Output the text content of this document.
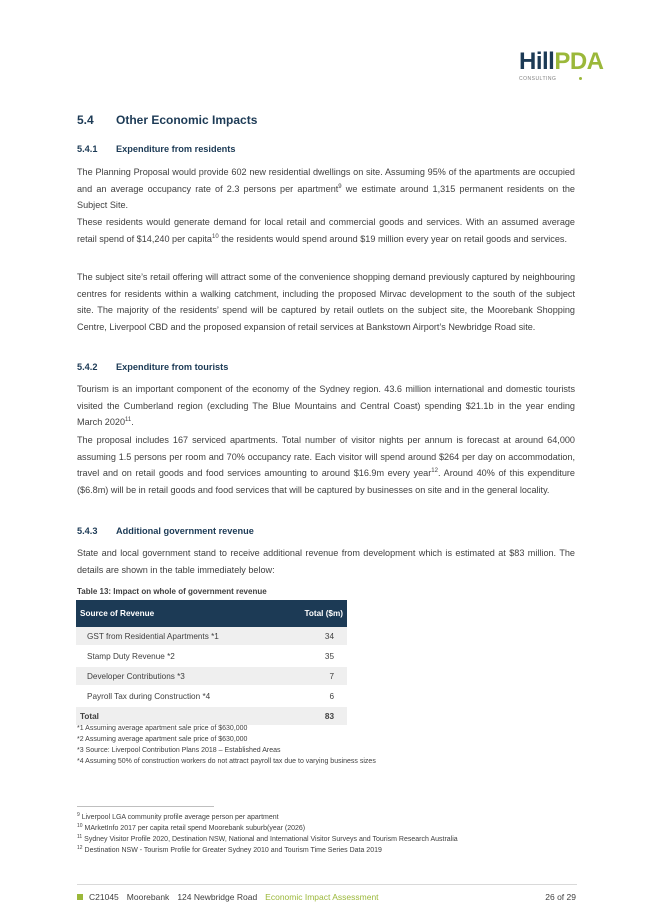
HillPDA
CONSULTING
5.4 Other Economic Impacts
5.4.1 Expenditure from residents

The Planning Proposal would provide 602 new residential dwellings on site. Assuming 95% of the apartments are occupied and an average occupancy rate of 2.3 persons per apartment$^9$ we estimate around 1,315 permanent residents on the Subject Site.

These residents would generate demand for local retail and commercial goods and services. With an assumed average retail spend of $14,240 per capita$^{10}$ the residents would spend around $19 million every year on retail goods and services.

The subject site’s retail offering will attract some of the convenience shopping demand previously captured by neighbouring centres for residents within a walking catchment, including the proposed Mirvac development to the south of the subject site. The majority of the residents’ spend will be captured by retail outlets on the subject site, the Moorebank Shopping Centre, Liverpool CBD and the proposed expansion of retail services at Bankstown Airport’s Newbridge Road site.

5.4.2 Expenditure from tourists

Tourism is an important component of the economy of the Sydney region. 43.6 million international and domestic tourists visited the Cumberland region (excluding The Blue Mountains and Central Coast) spending $21.1b in the year ending March 2020$^{11}$.

The proposal includes 167 serviced apartments. Total number of visitor nights per annum is forecast at around 64,000 assuming 1.5 persons per room and 70% occupancy rate. Each visitor will spend around $264 per day on accommodation, travel and on retail goods and food services amounting to around $16.9m every year$^{12}$. Around 40% of this expenditure ($6.8m) will be in retail goods and food services that will be captured by businesses on site and in the general locality.

5.4.3 Additional government revenue

State and local government stand to receive additional revenue from development which is estimated at $83 million. The details are shown in the table immediately below:

Table 13: Impact on whole of government revenue
Source of Revenue	Total ($m)
GST from Residential Apartments *1	34
Stamp Duty Revenue *2	35
Developer Contributions *3	7
Payroll Tax during Construction *4	6
Total	83
*1 Assuming average apartment sale price of $630,000
*2 Assuming average apartment sale price of $630,000
*3 Source: Liverpool Contribution Plans 2018 – Established Areas
*4 Assuming 50% of construction workers do not attract payroll tax due to varying business sizes
$^9$ Liverpool LGA community profile average person per apartment
$^{10}$ MArketInfo 2017 per capita retail spend Moorebank suburb(year (2026)
$^{11}$ Sydney Visitor Profile 2020, Destination NSW, National and International Visitor Surveys and Tourism Research Australia
$^{12}$ Destination NSW - Tourism Profile for Greater Sydney 2010 and Tourism Time Series Data 2019
C21045 Moorebank 124 Newbridge Road Economic Impact Assessment	26 of 29
